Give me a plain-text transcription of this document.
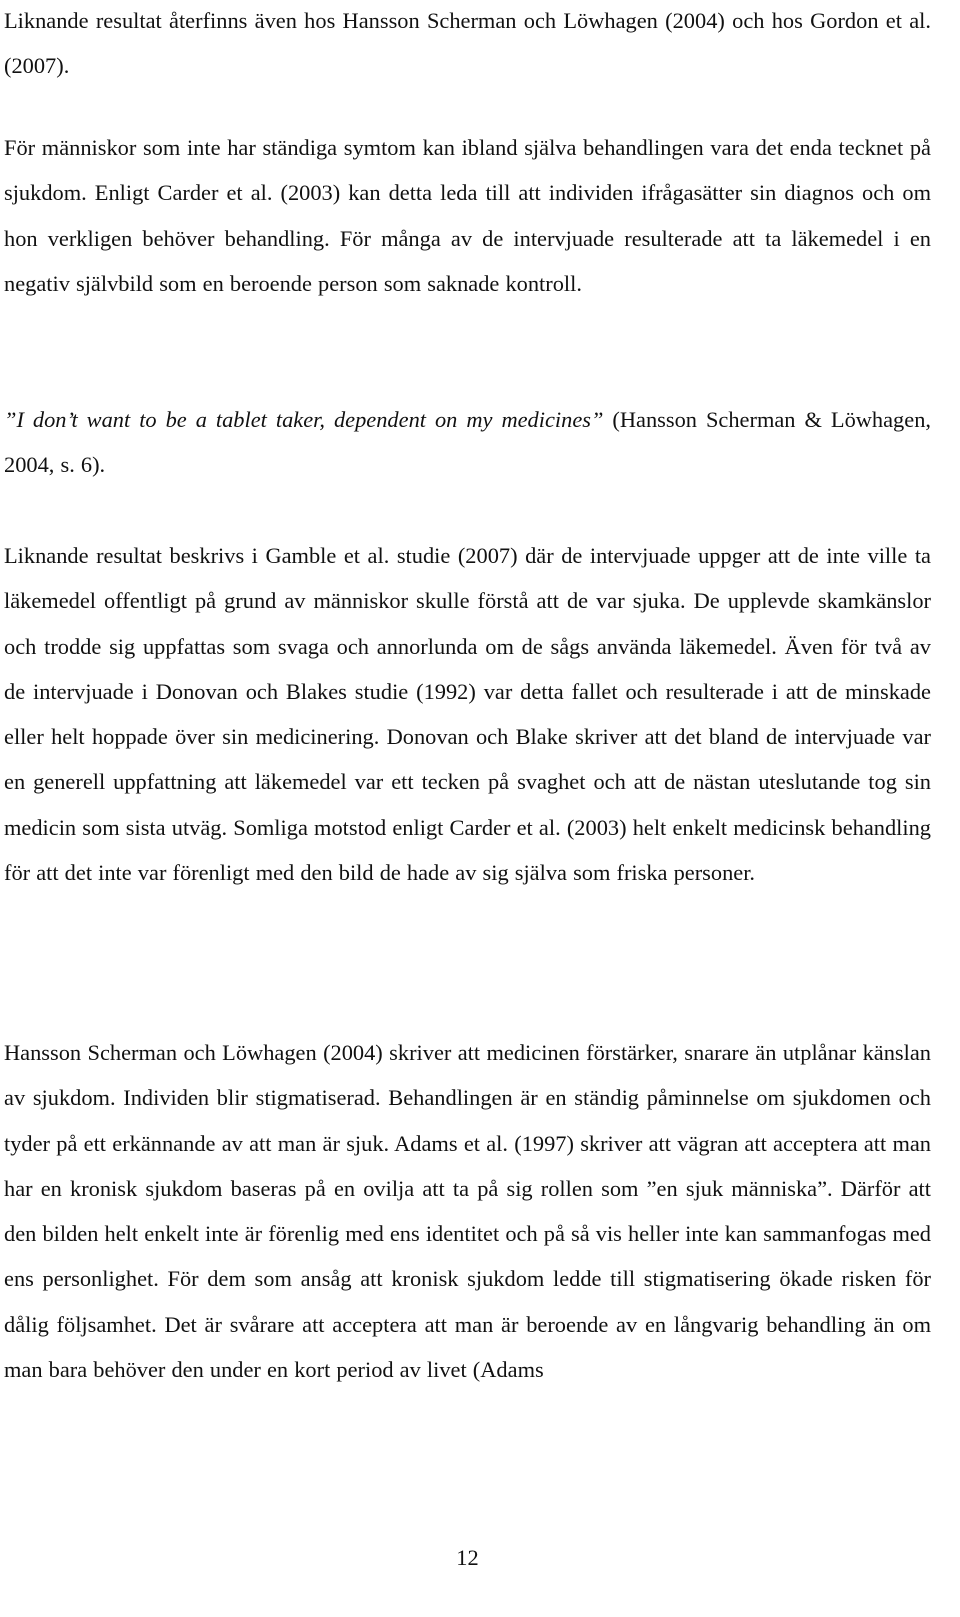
Liknande resultat återfinns även hos Hansson Scherman och Löwhagen (2004) och hos Gordon et al. (2007).

För människor som inte har ständiga symtom kan ibland själva behandlingen vara det enda tecknet på sjukdom. Enligt Carder et al. (2003) kan detta leda till att individen ifrågasätter sin diagnos och om hon verkligen behöver behandling. För många av de intervjuade resulterade att ta läkemedel i en negativ självbild som en beroende person som saknade kontroll.

”I don’t want to be a tablet taker, dependent on my medicines” (Hansson Scherman & Löwhagen, 2004, s. 6).

Liknande resultat beskrivs i Gamble et al. studie (2007) där de intervjuade uppger att de inte ville ta läkemedel offentligt på grund av människor skulle förstå att de var sjuka. De upplevde skamkänslor och trodde sig uppfattas som svaga och annorlunda om de sågs använda läkemedel. Även för två av de intervjuade i Donovan och Blakes studie (1992) var detta fallet och resulterade i att de minskade eller helt hoppade över sin medicinering. Donovan och Blake skriver att det bland de intervjuade var en generell uppfattning att läkemedel var ett tecken på svaghet och att de nästan uteslutande tog sin medicin som sista utväg. Somliga motstod enligt Carder et al. (2003) helt enkelt medicinsk behandling för att det inte var förenligt med den bild de hade av sig själva som friska personer.

Hansson Scherman och Löwhagen (2004) skriver att medicinen förstärker, snarare än utplånar känslan av sjukdom. Individen blir stigmatiserad. Behandlingen är en ständig påminnelse om sjukdomen och tyder på ett erkännande av att man är sjuk. Adams et al. (1997) skriver att vägran att acceptera att man har en kronisk sjukdom baseras på en ovilja att ta på sig rollen som ”en sjuk människa”. Därför att den bilden helt enkelt inte är förenlig med ens identitet och på så vis heller inte kan sammanfogas med ens personlighet. För dem som ansåg att kronisk sjukdom ledde till stigmatisering ökade risken för dålig följsamhet. Det är svårare att acceptera att man är beroende av en långvarig behandling än om man bara behöver den under en kort period av livet (Adams

12
